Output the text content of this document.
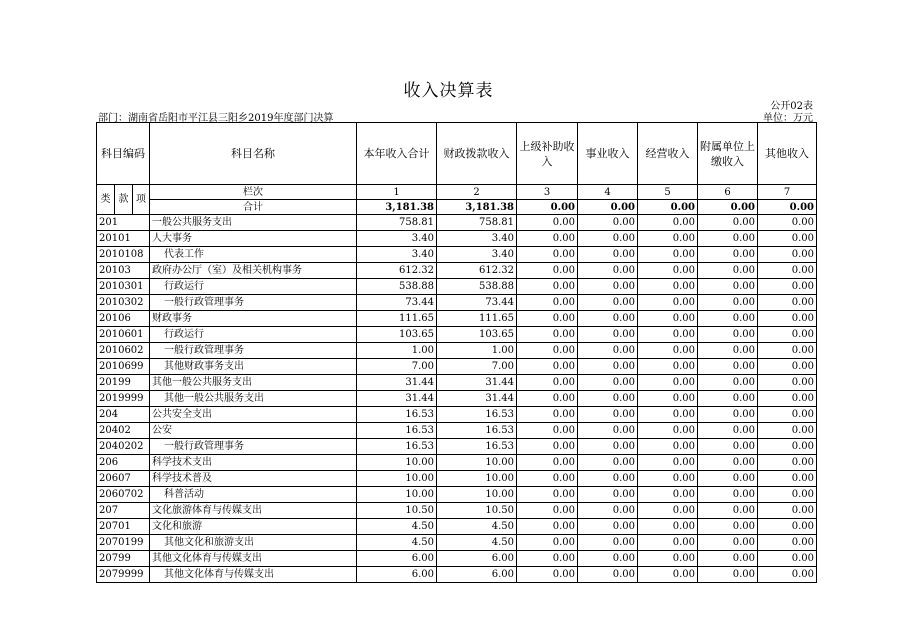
收入决算表
公开02表
部门：湖南省岳阳市平江县三阳乡2019年度部门决算	单位：万元
科目编码			科目名称	本年收入合计	财政拨款收入	上级补助收入	事业收入	经营收入	附属单位上缴收入	其他收入
类	款	项	栏次	1	2	3	4	5	6	7
			合计	3,181.38	3,181.38	0.00	0.00	0.00	0.00	0.00
201			一般公共服务支出	758.81	758.81	0.00	0.00	0.00	0.00	0.00
20101			人大事务	3.40	3.40	0.00	0.00	0.00	0.00	0.00
2010108			代表工作	3.40	3.40	0.00	0.00	0.00	0.00	0.00
20103			政府办公厅（室）及相关机构事务	612.32	612.32	0.00	0.00	0.00	0.00	0.00
2010301			行政运行	538.88	538.88	0.00	0.00	0.00	0.00	0.00
2010302			一般行政管理事务	73.44	73.44	0.00	0.00	0.00	0.00	0.00
20106			财政事务	111.65	111.65	0.00	0.00	0.00	0.00	0.00
2010601			行政运行	103.65	103.65	0.00	0.00	0.00	0.00	0.00
2010602			一般行政管理事务	1.00	1.00	0.00	0.00	0.00	0.00	0.00
2010699			其他财政事务支出	7.00	7.00	0.00	0.00	0.00	0.00	0.00
20199			其他一般公共服务支出	31.44	31.44	0.00	0.00	0.00	0.00	0.00
2019999			其他一般公共服务支出	31.44	31.44	0.00	0.00	0.00	0.00	0.00
204			公共安全支出	16.53	16.53	0.00	0.00	0.00	0.00	0.00
20402			公安	16.53	16.53	0.00	0.00	0.00	0.00	0.00
2040202			一般行政管理事务	16.53	16.53	0.00	0.00	0.00	0.00	0.00
206			科学技术支出	10.00	10.00	0.00	0.00	0.00	0.00	0.00
20607			科学技术普及	10.00	10.00	0.00	0.00	0.00	0.00	0.00
2060702			科普活动	10.00	10.00	0.00	0.00	0.00	0.00	0.00
207			文化旅游体育与传媒支出	10.50	10.50	0.00	0.00	0.00	0.00	0.00
20701			文化和旅游	4.50	4.50	0.00	0.00	0.00	0.00	0.00
2070199			其他文化和旅游支出	4.50	4.50	0.00	0.00	0.00	0.00	0.00
20799			其他文化体育与传媒支出	6.00	6.00	0.00	0.00	0.00	0.00	0.00
2079999			其他文化体育与传媒支出	6.00	6.00	0.00	0.00	0.00	0.00	0.00
